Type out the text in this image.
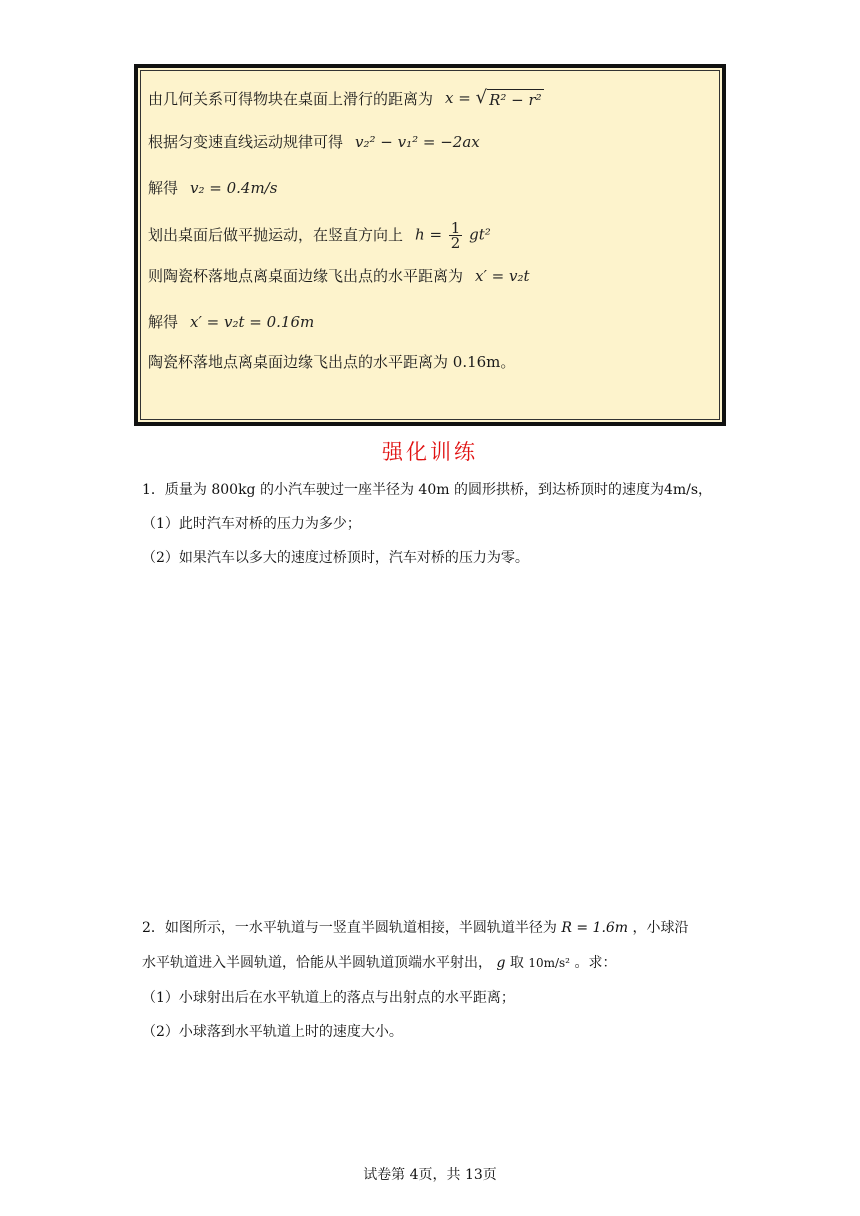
由几何关系可得物块在桌面上滑行的距离为 x = √ R² − r²
根据匀变速直线运动规律可得 v₂² − v₁² = −2ax
解得 v₂ = 0.4m/s
划出桌面后做平抛运动，在竖直方向上 $h = \frac{1}{2} gt^2$
则陶瓷杯落地点离桌面边缘飞出点的水平距离为 x′ = v₂t
解得 x′ = v₂t = 0.16m
陶瓷杯落地点离桌面边缘飞出点的水平距离为 0.16m。
强化训练
1．质量为 800kg 的小汽车驶过一座半径为 40m 的圆形拱桥，到达桥顶时的速度为4m/s，
（1）此时汽车对桥的压力为多少；
（2）如果汽车以多大的速度过桥顶时，汽车对桥的压力为零。
2．如图所示，一水平轨道与一竖直半圆轨道相接，半圆轨道半径为 R = 1.6m ，小球沿
水平轨道进入半圆轨道，恰能从半圆轨道顶端水平射出， g 取 10m/s² 。求：
（1）小球射出后在水平轨道上的落点与出射点的水平距离；
（2）小球落到水平轨道上时的速度大小。
试卷第 4页，共 13页
